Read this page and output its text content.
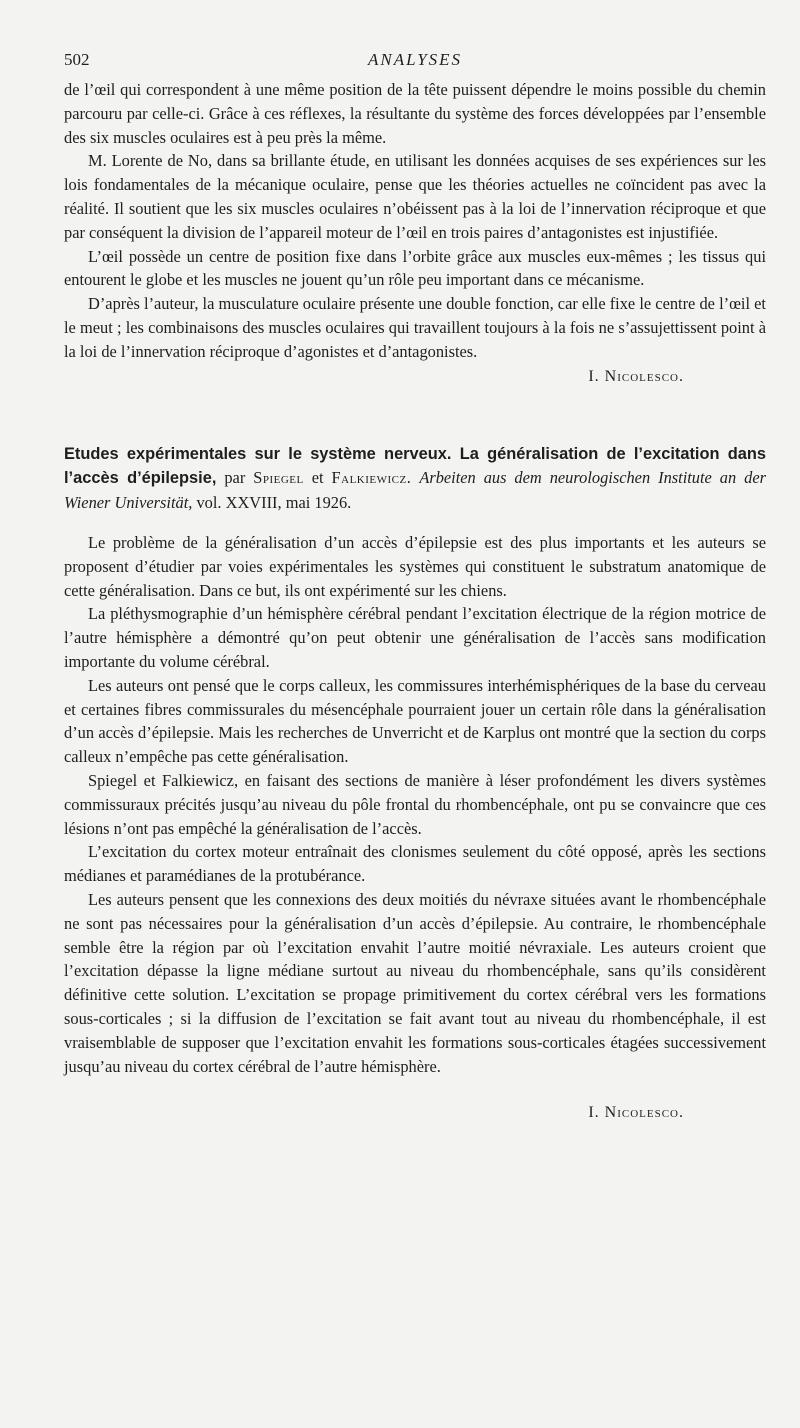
502	ANALYSES

de l’œil qui correspondent à une même position de la tête puissent dépendre le moins possible du chemin parcouru par celle-ci. Grâce à ces réflexes, la résultante du système des forces développées par l’ensemble des six muscles oculaires est à peu près la même.

M. Lorente de No, dans sa brillante étude, en utilisant les données acquises de ses expériences sur les lois fondamentales de la mécanique oculaire, pense que les théories actuelles ne coïncident pas avec la réalité. Il soutient que les six muscles oculaires n’obéissent pas à la loi de l’innervation réciproque et que par conséquent la division de l’appareil moteur de l’œil en trois paires d’antagonistes est injustifiée.

L’œil possède un centre de position fixe dans l’orbite grâce aux muscles eux-mêmes ; les tissus qui entourent le globe et les muscles ne jouent qu’un rôle peu important dans ce mécanisme.

D’après l’auteur, la musculature oculaire présente une double fonction, car elle fixe le centre de l’œil et le meut ; les combinaisons des muscles oculaires qui travaillent toujours à la fois ne s’assujettissent point à la loi de l’innervation réciproque d’agonistes et d’antagonistes.

I. Nicolesco.

Etudes expérimentales sur le système nerveux. La généralisation de l’excitation dans l’accès d’épilepsie, par Spiegel et Falkiewicz. Arbeiten aus dem neurologischen Institute an der Wiener Universität, vol. XXVIII, mai 1926.

Le problème de la généralisation d’un accès d’épilepsie est des plus importants et les auteurs se proposent d’étudier par voies expérimentales les systèmes qui constituent le substratum anatomique de cette généralisation. Dans ce but, ils ont expérimenté sur les chiens.

La pléthysmographie d’un hémisphère cérébral pendant l’excitation électrique de la région motrice de l’autre hémisphère a démontré qu’on peut obtenir une généralisation de l’accès sans modification importante du volume cérébral.

Les auteurs ont pensé que le corps calleux, les commissures interhémisphériques de la base du cerveau et certaines fibres commissurales du mésencéphale pourraient jouer un certain rôle dans la généralisation d’un accès d’épilepsie. Mais les recherches de Unverricht et de Karplus ont montré que la section du corps calleux n’empêche pas cette généralisation.

Spiegel et Falkiewicz, en faisant des sections de manière à léser profondément les divers systèmes commissuraux précités jusqu’au niveau du pôle frontal du rhombencéphale, ont pu se convaincre que ces lésions n’ont pas empêché la généralisation de l’accès.

L’excitation du cortex moteur entraînait des clonismes seulement du côté opposé, après les sections médianes et paramédianes de la protubérance.

Les auteurs pensent que les connexions des deux moitiés du névraxe situées avant le rhombencéphale ne sont pas nécessaires pour la généralisation d’un accès d’épilepsie. Au contraire, le rhombencéphale semble être la région par où l’excitation envahit l’autre moitié névraxiale. Les auteurs croient que l’excitation dépasse la ligne médiane surtout au niveau du rhombencéphale, sans qu’ils considèrent définitive cette solution. L’excitation se propage primitivement du cortex cérébral vers les formations sous-corticales ; si la diffusion de l’excitation se fait avant tout au niveau du rhombencéphale, il est vraisemblable de supposer que l’excitation envahit les formations sous-corticales étagées successivement jusqu’au niveau du cortex cérébral de l’autre hémisphère.

I. Nicolesco.
